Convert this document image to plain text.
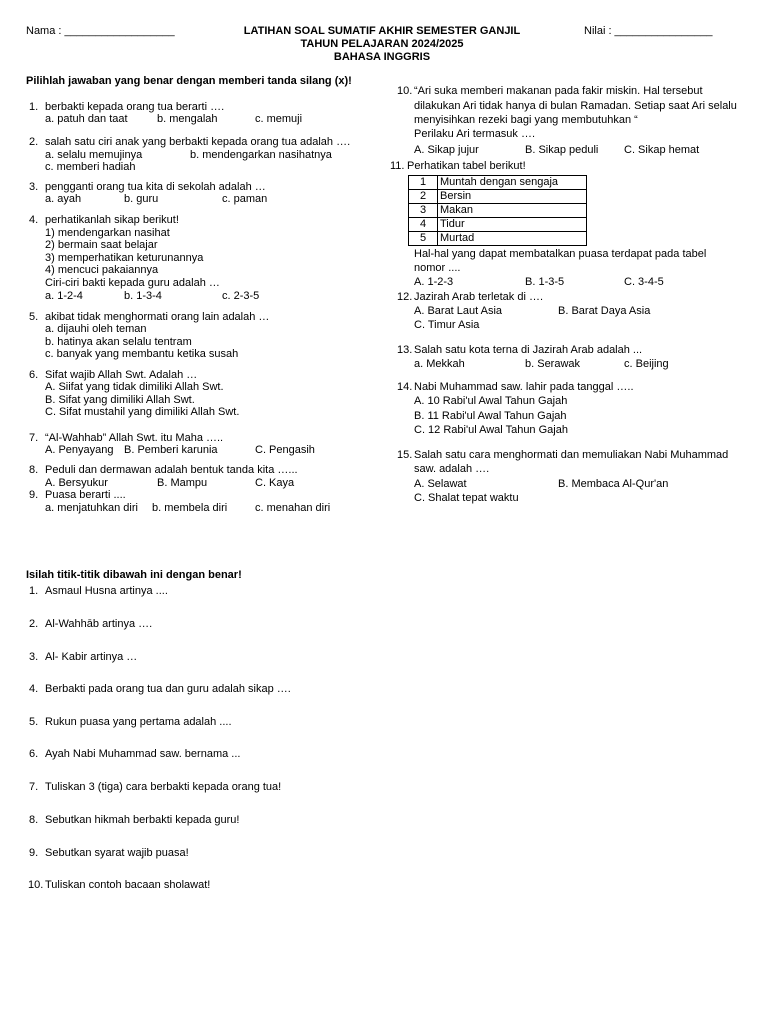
Nama : __________________	LATIHAN SOAL SUMATIF AKHIR SEMESTER GANJIL
TAHUN PELAJARAN 2024/2025
BAHASA INGGRIS
Nilai : ________________
Pilihlah jawaban yang benar dengan memberi tanda silang (x)!
1. berbakti kepada orang tua berarti ….
a. patuh dan taat	b. mengalah	c. memuji
2. salah satu ciri anak yang berbakti kepada orang tua adalah ….
a. selalu memujinya	b. mendengarkan nasihatnya
c. memberi hadiah
3. pengganti orang tua kita di sekolah adalah …
a. ayah	b. guru	c. paman
4. perhatikanlah sikap berikut!
1) mendengarkan nasihat
2) bermain saat belajar
3) memperhatikan keturunannya
4) mencuci pakaiannya
Ciri-ciri bakti kepada guru adalah …
a. 1-2-4	b. 1-3-4	c. 2-3-5
5. akibat tidak menghormati orang lain adalah …
a. dijauhi oleh teman
b. hatinya akan selalu tentram
c. banyak yang membantu ketika susah
6. Sifat wajib Allah Swt. Adalah …
A. Siifat yang tidak dimiliki Allah Swt.
B. Sifat yang dimiliki Allah Swt.
C. Sifat mustahil yang dimiliki Allah Swt.
7. “Al-Wahhab” Allah Swt. itu Maha …..
A. Penyayang B. Pemberi karunia	C. Pengasih
8. Peduli dan dermawan adalah bentuk tanda kita …...
A. Bersyukur	B. Mampu	C. Kaya
9. Puasa berarti ....
a. menjatuhkan diri b. membela diri	c. menahan diri
10. “Ari suka memberi makanan pada fakir miskin. Hal tersebut
dilakukan Ari tidak hanya di bulan Ramadan. Setiap saat Ari selalu
menyisihkan rezeki bagi yang membutuhkan “
Perilaku Ari termasuk ….
A. Sikap jujur	B. Sikap peduli C. Sikap hemat
11. Perhatikan tabel berikut!
1	Muntah dengan sengaja
2	Bersin
3	Makan
4	Tidur
5	Murtad
Hal-hal yang dapat membatalkan puasa terdapat pada tabel
nomor ....
A. 1-2-3	B. 1-3-5	C. 3-4-5
12. Jazirah Arab terletak di ….
A. Barat Laut Asia	B. Barat Daya Asia
C. Timur Asia
13. Salah satu kota terna di Jazirah Arab adalah ...
a. Mekkah	b. Serawak	c. Beijing
14. Nabi Muhammad saw. lahir pada tanggal …..
A. 10 Rabi'ul Awal Tahun Gajah
B. 11 Rabi'ul Awal Tahun Gajah
C. 12 Rabi'ul Awal Tahun Gajah
15. Salah satu cara menghormati dan memuliakan Nabi Muhammad
saw. adalah ….
A. Selawat	B. Membaca Al-Qur'an
C. Shalat tepat waktu
Isilah titik-titik dibawah ini dengan benar!
1. Asmaul Husna artinya ....
2. Al-Wahhāb artinya ….
3. Al- Kabir artinya …
4. Berbakti pada orang tua dan guru adalah sikap ….
5. Rukun puasa yang pertama adalah ....
6. Ayah Nabi Muhammad saw. bernama ...
7. Tuliskan 3 (tiga) cara berbakti kepada orang tua!
8. Sebutkan hikmah berbakti kepada guru!
9. Sebutkan syarat wajib puasa!
10. Tuliskan contoh bacaan sholawat!
